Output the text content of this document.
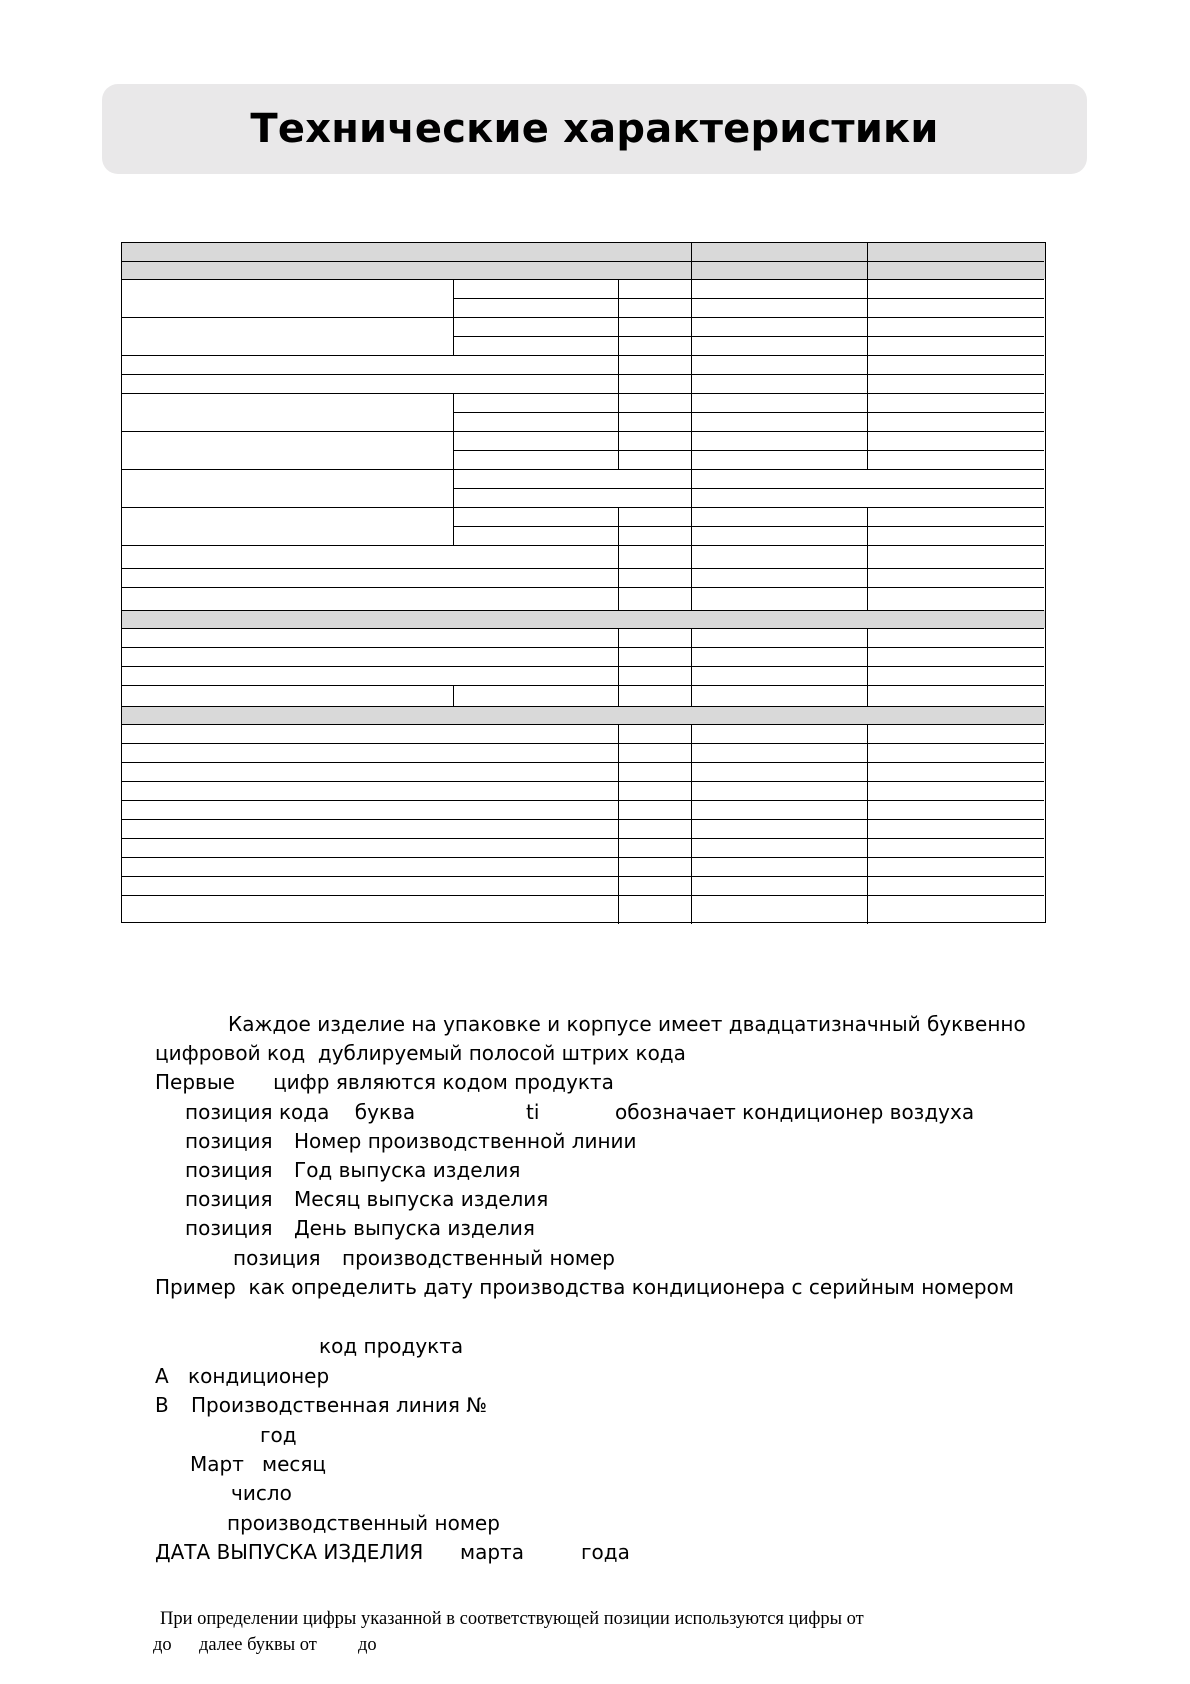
Технические характеристики
Каждое изделие на упаковке и корпусе имеет двадцатизначный буквенно
цифровой код  дублируемый полосой штрих кода
Первые      цифр являются кодом продукта
позиция кода    буква	ti	обозначает кондиционер воздуха
позиция Номер производственной линии
позиция Год выпуска изделия
позиция Месяц выпуска изделия
позиция День выпуска изделия
позиция производственный номер
Пример  как определить дату производства кондиционера с серийным номером
код продукта
A кондиционер
B Производственная линия №
год
Март месяц
число
производственный номер
ДАТА ВЫПУСКА ИЗДЕЛИЯ марта	года
При определении цифры указанной в соответствующей позиции используются цифры от
до далее буквы от до
